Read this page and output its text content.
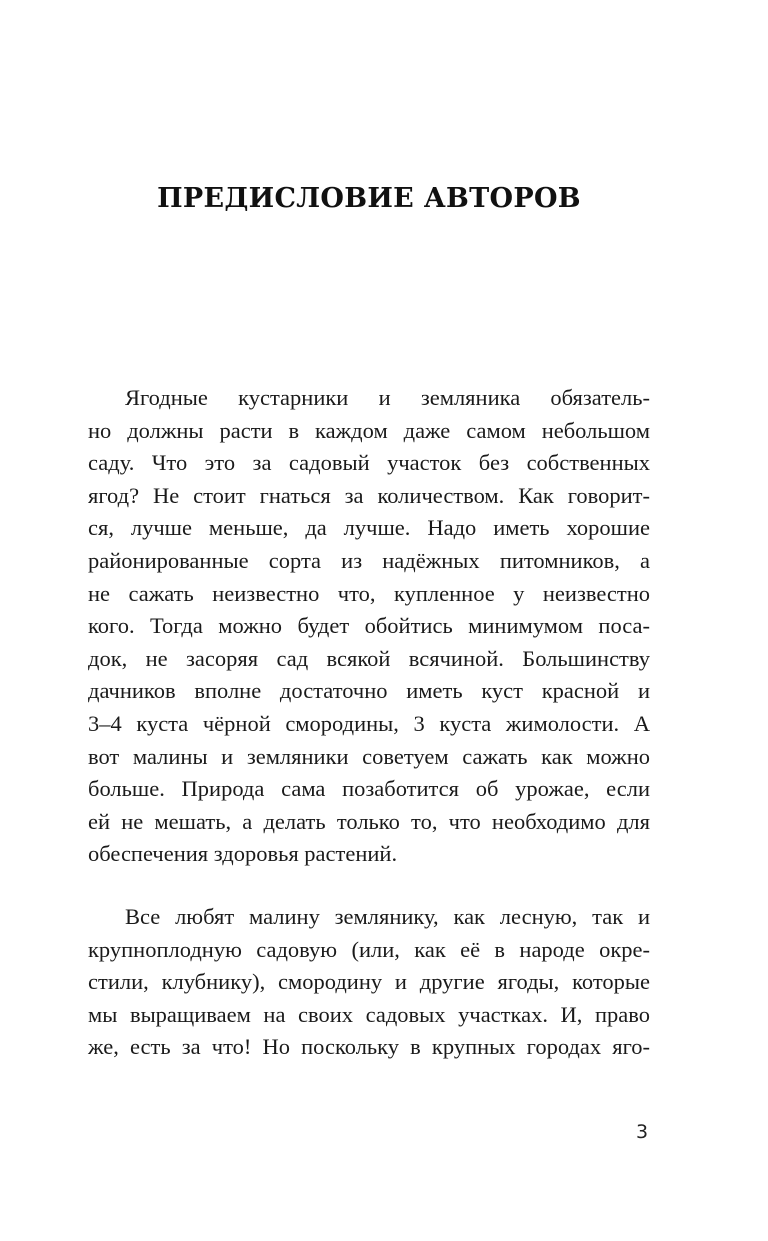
ПРЕДИСЛОВИЕ АВТОРОВ
Ягодные кустарники и земляника обязатель-
но должны расти в каждом даже самом небольшом
саду. Что это за садовый участок без собственных
ягод? Не стоит гнаться за количеством. Как говорит-
ся, лучше меньше, да лучше. Надо иметь хорошие
районированные сорта из надёжных питомников, а
не сажать неизвестно что, купленное у неизвестно
кого. Тогда можно будет обойтись минимумом поса-
док, не засоряя сад всякой всячиной. Большинству
дачников вполне достаточно иметь куст красной и
3–4 куста чёрной смородины, 3 куста жимолости. А
вот малины и земляники советуем сажать как можно
больше. Природа сама позаботится об урожае, если
ей не мешать, а делать только то, что необходимо для
обеспечения здоровья растений.
Все любят малину землянику, как лесную, так и
крупноплодную садовую (или, как её в народе окре-
стили, клубнику), смородину и другие ягоды, которые
мы выращиваем на своих садовых участках. И, право
же, есть за что! Но поскольку в крупных городах яго-
3
